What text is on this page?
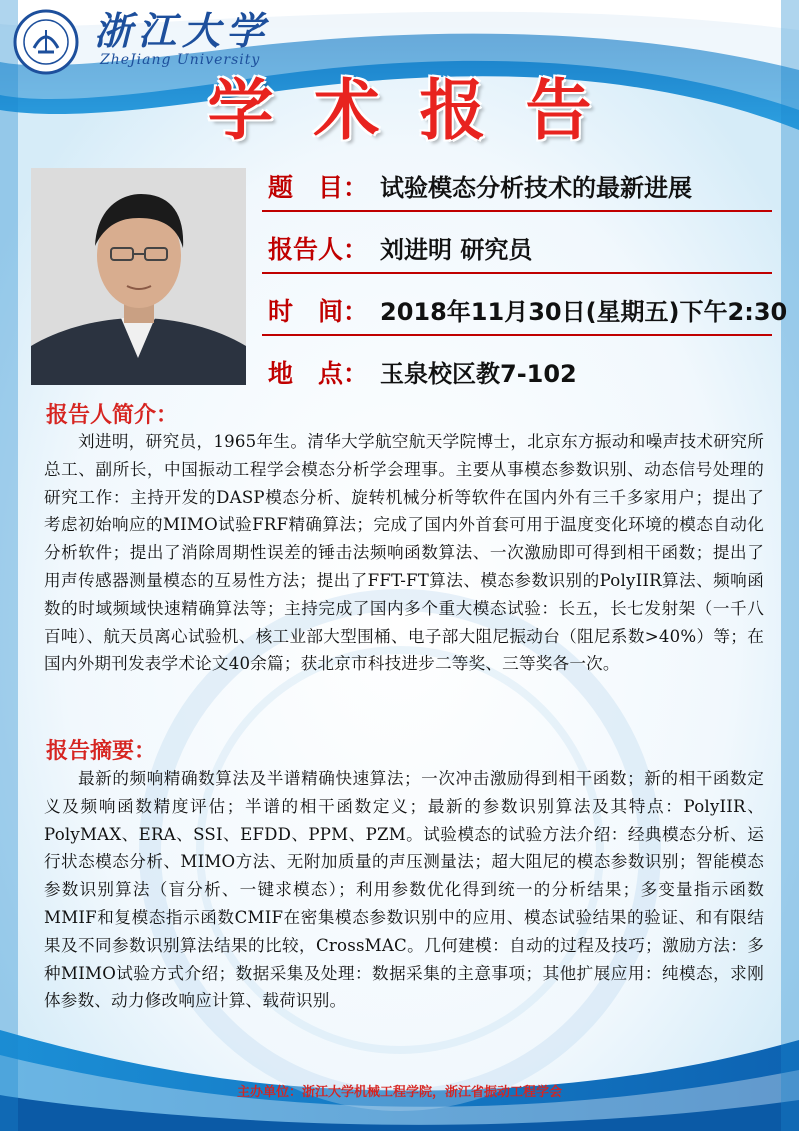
浙江大学
ZheJiang University
学术报告
题　目： 试验模态分析技术的最新进展
报告人： 刘进明 研究员
时　间： 2018年11月30日(星期五)下午2:30
地　点： 玉泉校区教7-102
报告人简介：
刘进明，研究员，1965年生。清华大学航空航天学院博士，北京东方振动和噪声技术研究所总工、副所长，中国振动工程学会模态分析学会理事。主要从事模态参数识别、动态信号处理的研究工作：主持开发的DASP模态分析、旋转机械分析等软件在国内外有三千多家用户；提出了考虑初始响应的MIMO试验FRF精确算法；完成了国内外首套可用于温度变化环境的模态自动化分析软件；提出了消除周期性误差的锤击法频响函数算法、一次激励即可得到相干函数；提出了用声传感器测量模态的互易性方法；提出了FFT-FT算法、模态参数识别的PolyIIR算法、频响函数的时域频域快速精确算法等；主持完成了国内多个重大模态试验：长五，长七发射架（一千八百吨）、航天员离心试验机、核工业部大型围桶、电子部大阻尼振动台（阻尼系数>40%）等；在国内外期刊发表学术论文40余篇；获北京市科技进步二等奖、三等奖各一次。
报告摘要：
最新的频响精确数算法及半谱精确快速算法；一次冲击激励得到相干函数；新的相干函数定义及频响函数精度评估；半谱的相干函数定义；最新的参数识别算法及其特点：PolyIIR、PolyMAX、ERA、SSI、EFDD、PPM、PZM。试验模态的试验方法介绍：经典模态分析、运行状态模态分析、MIMO方法、无附加质量的声压测量法；超大阻尼的模态参数识别；智能模态参数识别算法（盲分析、一键求模态）；利用参数优化得到统一的分析结果；多变量指示函数MMIF和复模态指示函数CMIF在密集模态参数识别中的应用、模态试验结果的验证、和有限结果及不同参数识别算法结果的比较，CrossMAC。几何建模：自动的过程及技巧；激励方法：多种MIMO试验方式介绍；数据采集及处理：数据采集的主意事项；其他扩展应用：纯模态，求刚体参数、动力修改响应计算、载荷识别。
主办单位：浙江大学机械工程学院，浙江省振动工程学会
